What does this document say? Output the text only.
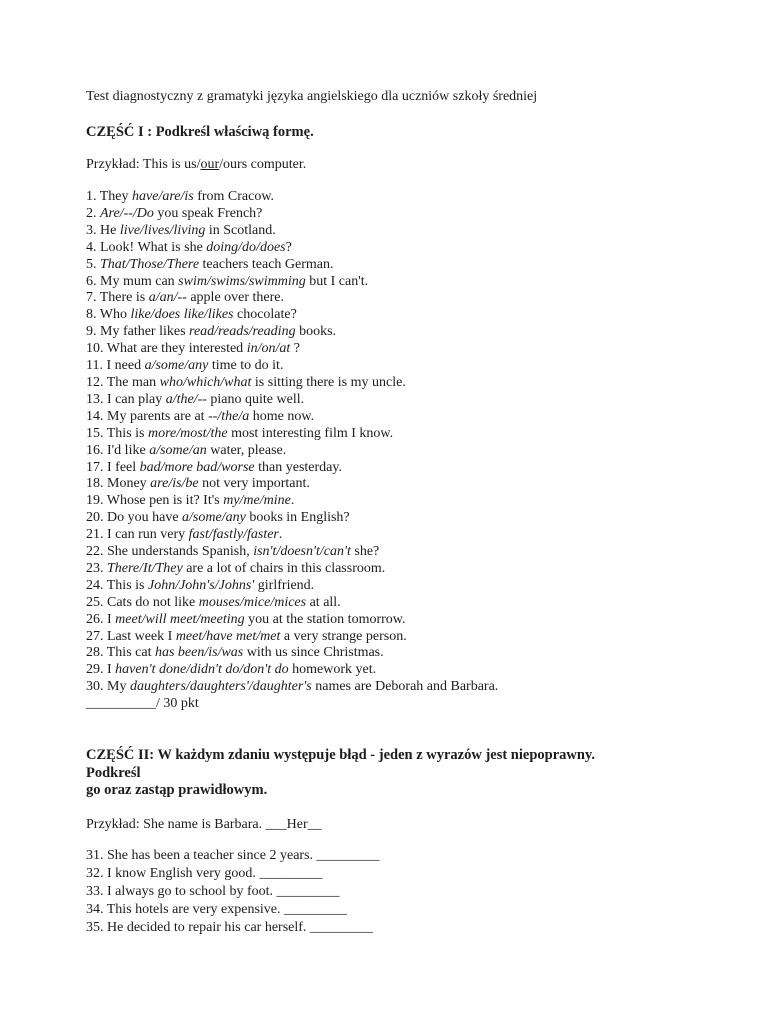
Test diagnostyczny z gramatyki języka angielskiego dla uczniów szkoły średniej

CZĘŚĆ I : Podkreśl właściwą formę.

Przykład: This is us/our/ours computer.

1. They have/are/is from Cracow.
2. Are/--/Do you speak French?
3. He live/lives/living in Scotland.
4. Look! What is she doing/do/does?
5. That/Those/There teachers teach German.
6. My mum can swim/swims/swimming but I can't.
7. There is a/an/-- apple over there.
8. Who like/does like/likes chocolate?
9. My father likes read/reads/reading books.
10. What are they interested in/on/at ?
11. I need a/some/any time to do it.
12. The man who/which/what is sitting there is my uncle.
13. I can play a/the/-- piano quite well.
14. My parents are at --/the/a home now.
15. This is more/most/the most interesting film I know.
16. I'd like a/some/an water, please.
17. I feel bad/more bad/worse than yesterday.
18. Money are/is/be not very important.
19. Whose pen is it? It's my/me/mine.
20. Do you have a/some/any books in English?
21. I can run very fast/fastly/faster.
22. She understands Spanish, isn't/doesn't/can't she?
23. There/It/They are a lot of chairs in this classroom.
24. This is John/John's/Johns' girlfriend.
25. Cats do not like mouses/mice/mices at all.
26. I meet/will meet/meeting you at the station tomorrow.
27. Last week I meet/have met/met a very strange person.
28. This cat has been/is/was with us since Christmas.
29. I haven't done/didn't do/don't do homework yet.
30. My daughters/daughters'/daughter's names are Deborah and Barbara.
__________/ 30 pkt
CZĘŚĆ II: W każdym zdaniu występuje błąd - jeden z wyrazów jest niepoprawny.
Podkreśl
go oraz zastąp prawidłowym.

Przykład: She name is Barbara. ___Her__

31. She has been a teacher since 2 years. _________
32. I know English very good. _________
33. I always go to school by foot. _________
34. This hotels are very expensive. _________
35. He decided to repair his car herself. _________
